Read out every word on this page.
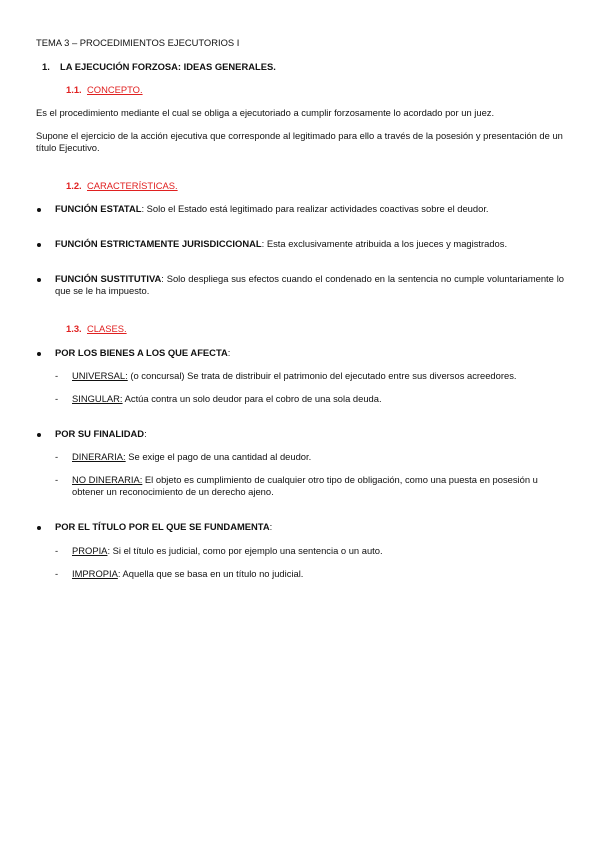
TEMA 3 – PROCEDIMIENTOS EJECUTORIOS I
1. LA EJECUCIÓN FORZOSA: IDEAS GENERALES.
1.1. CONCEPTO.
Es el procedimiento mediante el cual se obliga a ejecutoriado a cumplir forzosamente lo acordado por un juez.
Supone el ejercicio de la acción ejecutiva que corresponde al legitimado para ello a través de la posesión y presentación de un título Ejecutivo.
1.2. CARACTERÍSTICAS.
FUNCIÓN ESTATAL: Solo el Estado está legitimado para realizar actividades coactivas sobre el deudor.
FUNCIÓN ESTRICTAMENTE JURISDICCIONAL: Esta exclusivamente atribuida a los jueces y magistrados.
FUNCIÓN SUSTITUTIVA: Solo despliega sus efectos cuando el condenado en la sentencia no cumple voluntariamente lo que se le ha impuesto.
1.3. CLASES.
POR LOS BIENES A LOS QUE AFECTA:
- UNIVERSAL: (o concursal) Se trata de distribuir el patrimonio del ejecutado entre sus diversos acreedores.
- SINGULAR: Actúa contra un solo deudor para el cobro de una sola deuda.
POR SU FINALIDAD:
- DINERARIA: Se exige el pago de una cantidad al deudor.
- NO DINERARIA: El objeto es cumplimiento de cualquier otro tipo de obligación, como una puesta en posesión u obtener un reconocimiento de un derecho ajeno.
POR EL TÍTULO POR EL QUE SE FUNDAMENTA:
- PROPIA: Si el título es judicial, como por ejemplo una sentencia o un auto.
- IMPROPIA: Aquella que se basa en un título no judicial.
